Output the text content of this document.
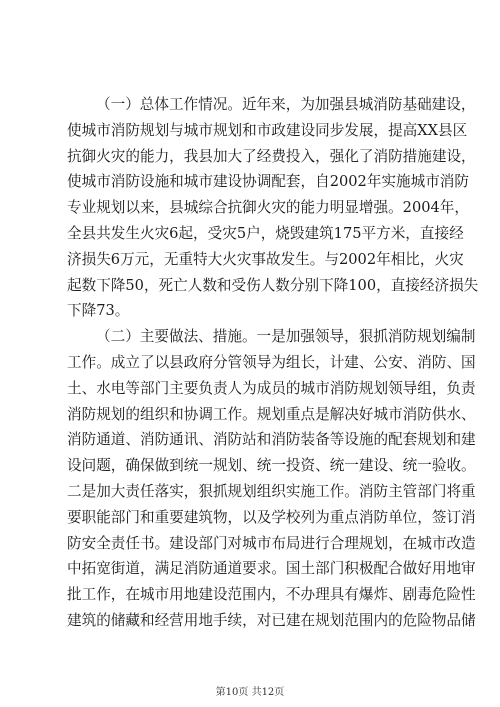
（一）总体工作情况。近年来，为加强县城消防基础建设，
使城市消防规划与城市规划和市政建设同步发展，提高XX县区
抗御火灾的能力，我县加大了经费投入，强化了消防措施建设，
使城市消防设施和城市建设协调配套，自2002年实施城市消防
专业规划以来，县城综合抗御火灾的能力明显增强。2004年，
全县共发生火灾6起，受灾5户，烧毁建筑175平方米，直接经
济损失6万元，无重特大火灾事故发生。与2002年相比，火灾
起数下降50，死亡人数和受伤人数分别下降100，直接经济损失
下降73。
（二）主要做法、措施。一是加强领导，狠抓消防规划编制
工作。成立了以县政府分管领导为组长，计建、公安、消防、国
土、水电等部门主要负责人为成员的城市消防规划领导组，负责
消防规划的组织和协调工作。规划重点是解决好城市消防供水、
消防通道、消防通讯、消防站和消防装备等设施的配套规划和建
设问题，确保做到统一规划、统一投资、统一建设、统一验收。
二是加大责任落实，狠抓规划组织实施工作。消防主管部门将重
要职能部门和重要建筑物，以及学校列为重点消防单位，签订消
防安全责任书。建设部门对城市布局进行合理规划，在城市改造
中拓宽街道，满足消防通道要求。国土部门积极配合做好用地审
批工作，在城市用地建设范围内，不办理具有爆炸、剧毒危险性
建筑的储藏和经营用地手续，对已建在规划范围内的危险物品储
第10页 共12页
